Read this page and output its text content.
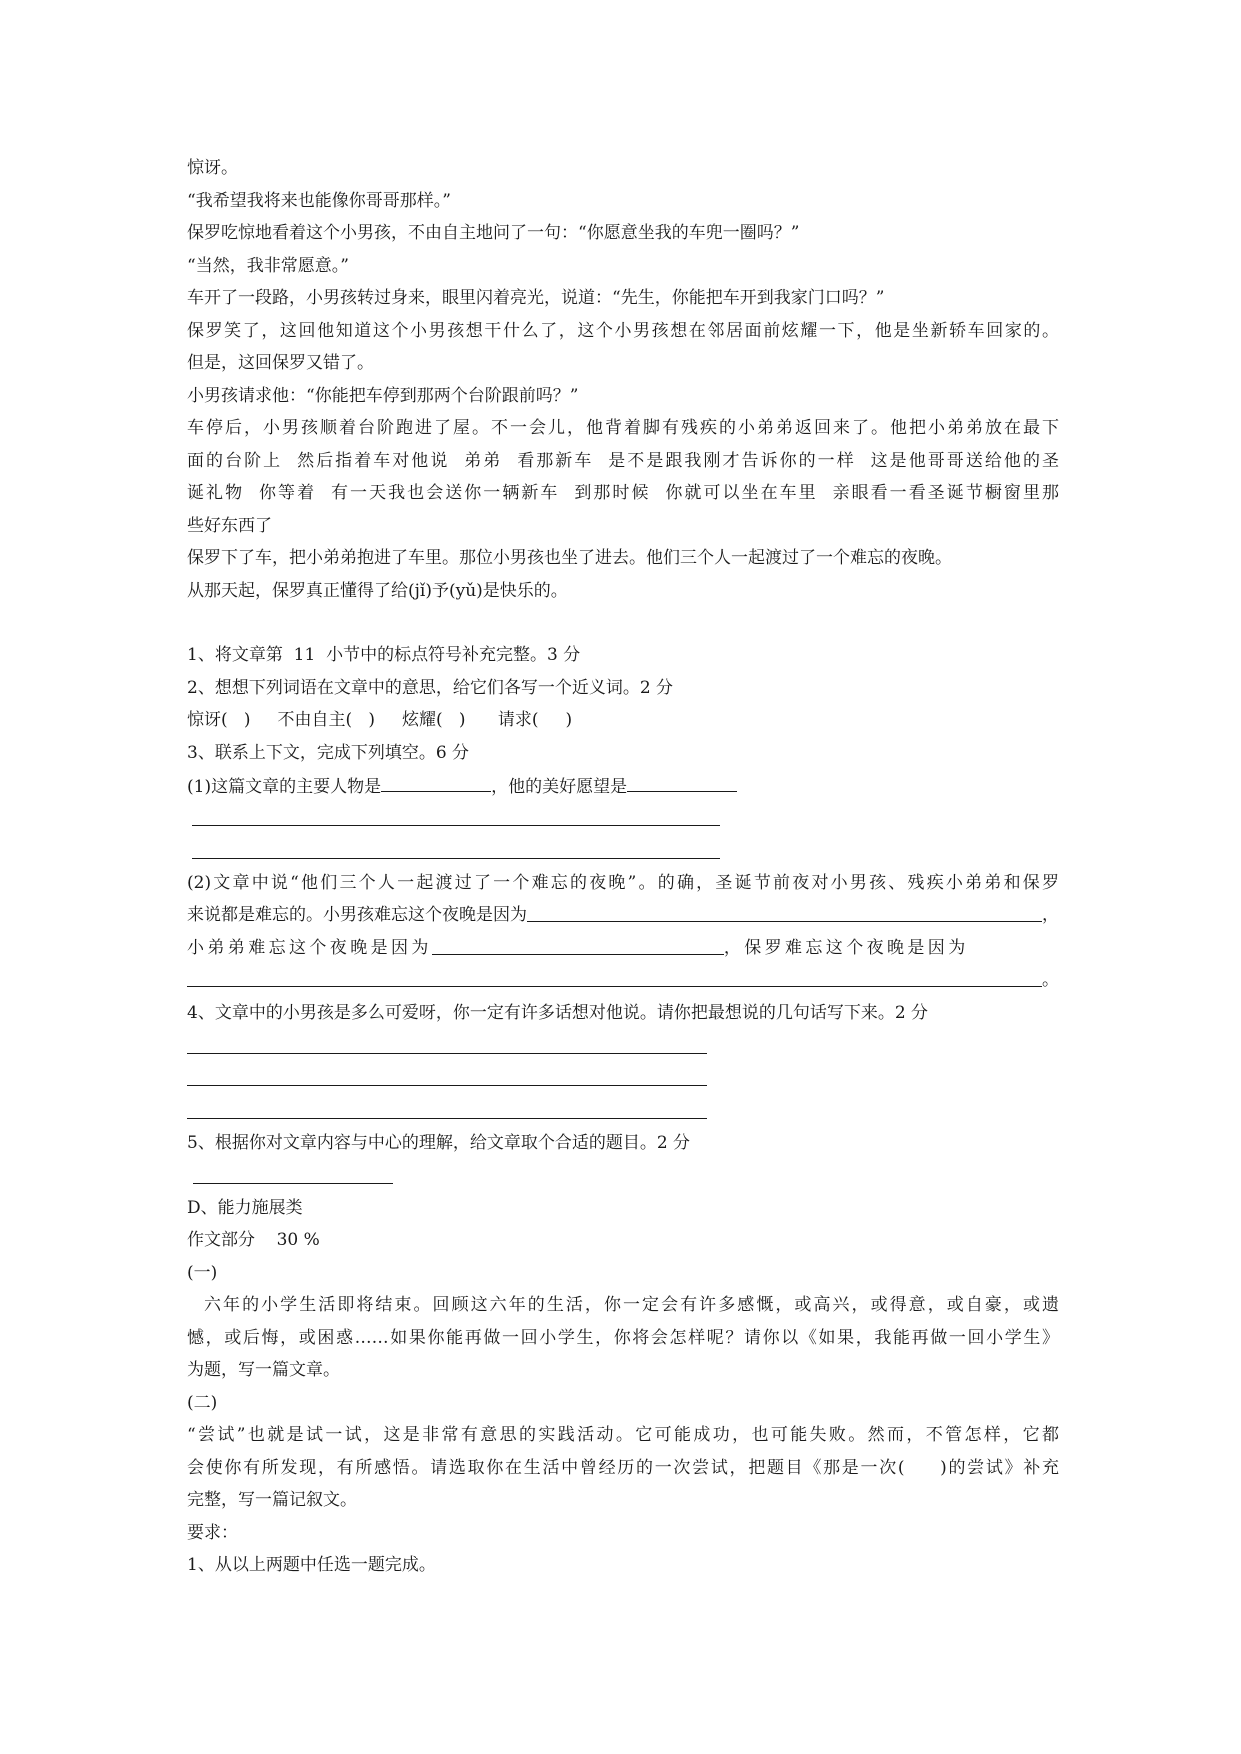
惊讶。
“我希望我将来也能像你哥哥那样。”
保罗吃惊地看着这个小男孩，不由自主地问了一句：“你愿意坐我的车兜一圈吗？”
“当然，我非常愿意。”
车开了一段路，小男孩转过身来，眼里闪着亮光，说道：“先生，你能把车开到我家门口吗？”
保罗笑了，这回他知道这个小男孩想干什么了，这个小男孩想在邻居面前炫耀一下，他是坐新轿车回家的。
但是，这回保罗又错了。
小男孩请求他：“你能把车停到那两个台阶跟前吗？”
车停后，小男孩顺着台阶跑进了屋。不一会儿，他背着脚有残疾的小弟弟返回来了。他把小弟弟放在最下
面的台阶上  然后指着车对他说  弟弟  看那新车  是不是跟我刚才告诉你的一样  这是他哥哥送给他的圣
诞礼物  你等着  有一天我也会送你一辆新车  到那时候  你就可以坐在车里  亲眼看一看圣诞节橱窗里那
些好东西了
保罗下了车，把小弟弟抱进了车里。那位小男孩也坐了进去。他们三个人一起渡过了一个难忘的夜晚。
从那天起，保罗真正懂得了给(jǐ)予(yǔ)是快乐的。
1、将文章第  11  小节中的标点符号补充完整。3 分
2、想想下列词语在文章中的意思，给它们各写一个近义词。2 分
惊讶(   )     不由自主(   )     炫耀(   )      请求(     )
3、联系上下文，完成下列填空。6 分
(1)这篇文章的主要人物是	，他的美好愿望是
(2)文章中说“他们三个人一起渡过了一个难忘的夜晚”。的确，圣诞节前夜对小男孩、残疾小弟弟和保罗
来说都是难忘的。小男孩难忘这个夜晚是因为	，
小弟弟难忘这个夜晚是因为	，保罗难忘这个夜晚是因为
。
4、文章中的小男孩是多么可爱呀，你一定有许多话想对他说。请你把最想说的几句话写下来。2 分
5、根据你对文章内容与中心的理解，给文章取个合适的题目。2 分
D、能力施展类
作文部分    30 %
(一)
六年的小学生活即将结束。回顾这六年的生活，你一定会有许多感慨，或高兴，或得意，或自豪，或遗
憾，或后悔，或困惑……如果你能再做一回小学生，你将会怎样呢？请你以《如果，我能再做一回小学生》
为题，写一篇文章。
(二)
“尝试”也就是试一试，这是非常有意思的实践活动。它可能成功，也可能失败。然而，不管怎样，它都
会使你有所发现，有所感悟。请选取你在生活中曾经历的一次尝试，把题目《那是一次(     )的尝试》补充
完整，写一篇记叙文。
要求：
1、从以上两题中任选一题完成。
